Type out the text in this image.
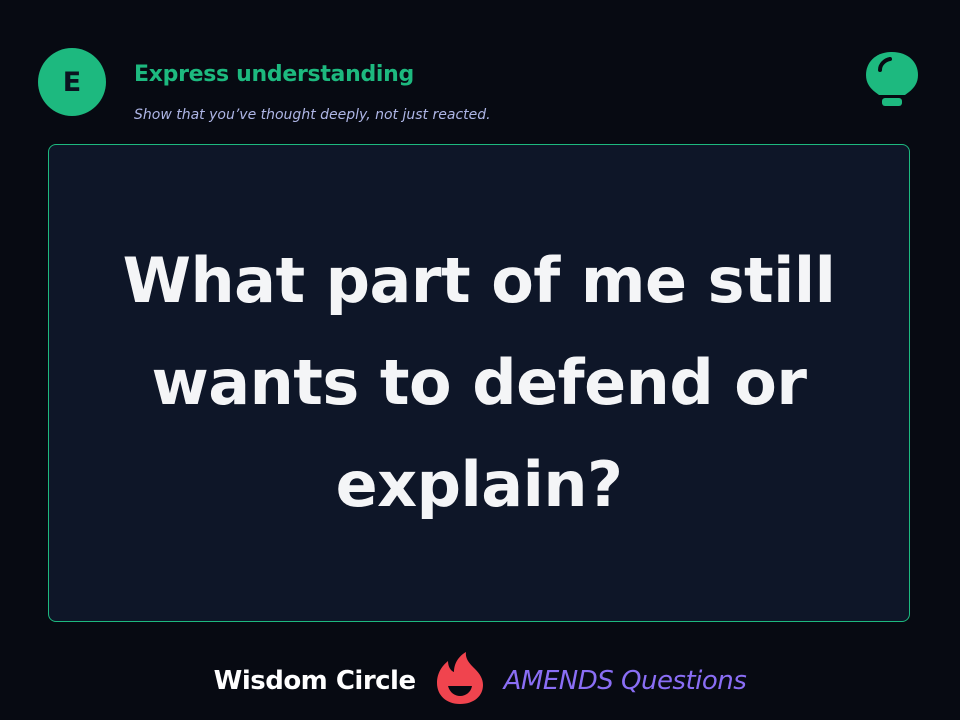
E Express understanding
Show that you’ve thought deeply, not just reacted.
What part of me still wants to defend or explain?
Wisdom Circle	AMENDS Questions
